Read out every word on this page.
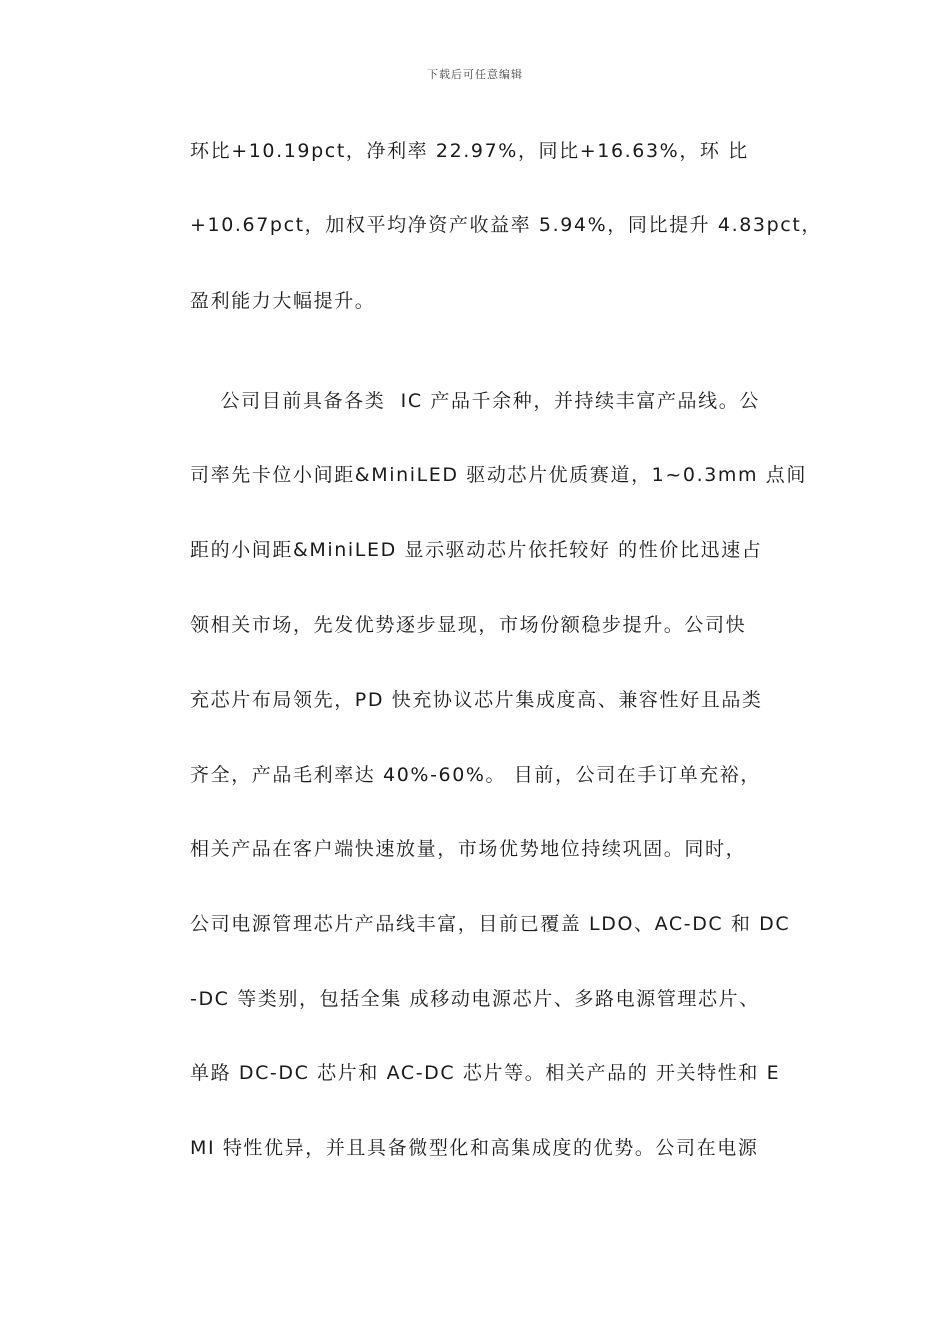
下载后可任意编辑
环比+10.19pct，净利率 22.97%，同比+16.63%，环 比
+10.67pct，加权平均净资产收益率 5.94%，同比提升 4.83pct，
盈利能力大幅提升。
公司目前具备各类  IC 产品千余种，并持续丰富产品线。公
司率先卡位小间距&MiniLED 驱动芯片优质赛道，1~0.3mm 点间
距的小间距&MiniLED 显示驱动芯片依托较好 的性价比迅速占
领相关市场，先发优势逐步显现，市场份额稳步提升。公司快
充芯片布局领先，PD 快充协议芯片集成度高、兼容性好且品类
齐全，产品毛利率达 40%-60%。 目前，公司在手订单充裕，
相关产品在客户端快速放量，市场优势地位持续巩固。同时，
公司电源管理芯片产品线丰富，目前已覆盖 LDO、AC-DC 和 DC
-DC 等类别，包括全集 成移动电源芯片、多路电源管理芯片、
单路 DC-DC 芯片和 AC-DC 芯片等。相关产品的 开关特性和 E
MI 特性优异，并且具备微型化和高集成度的优势。公司在电源
